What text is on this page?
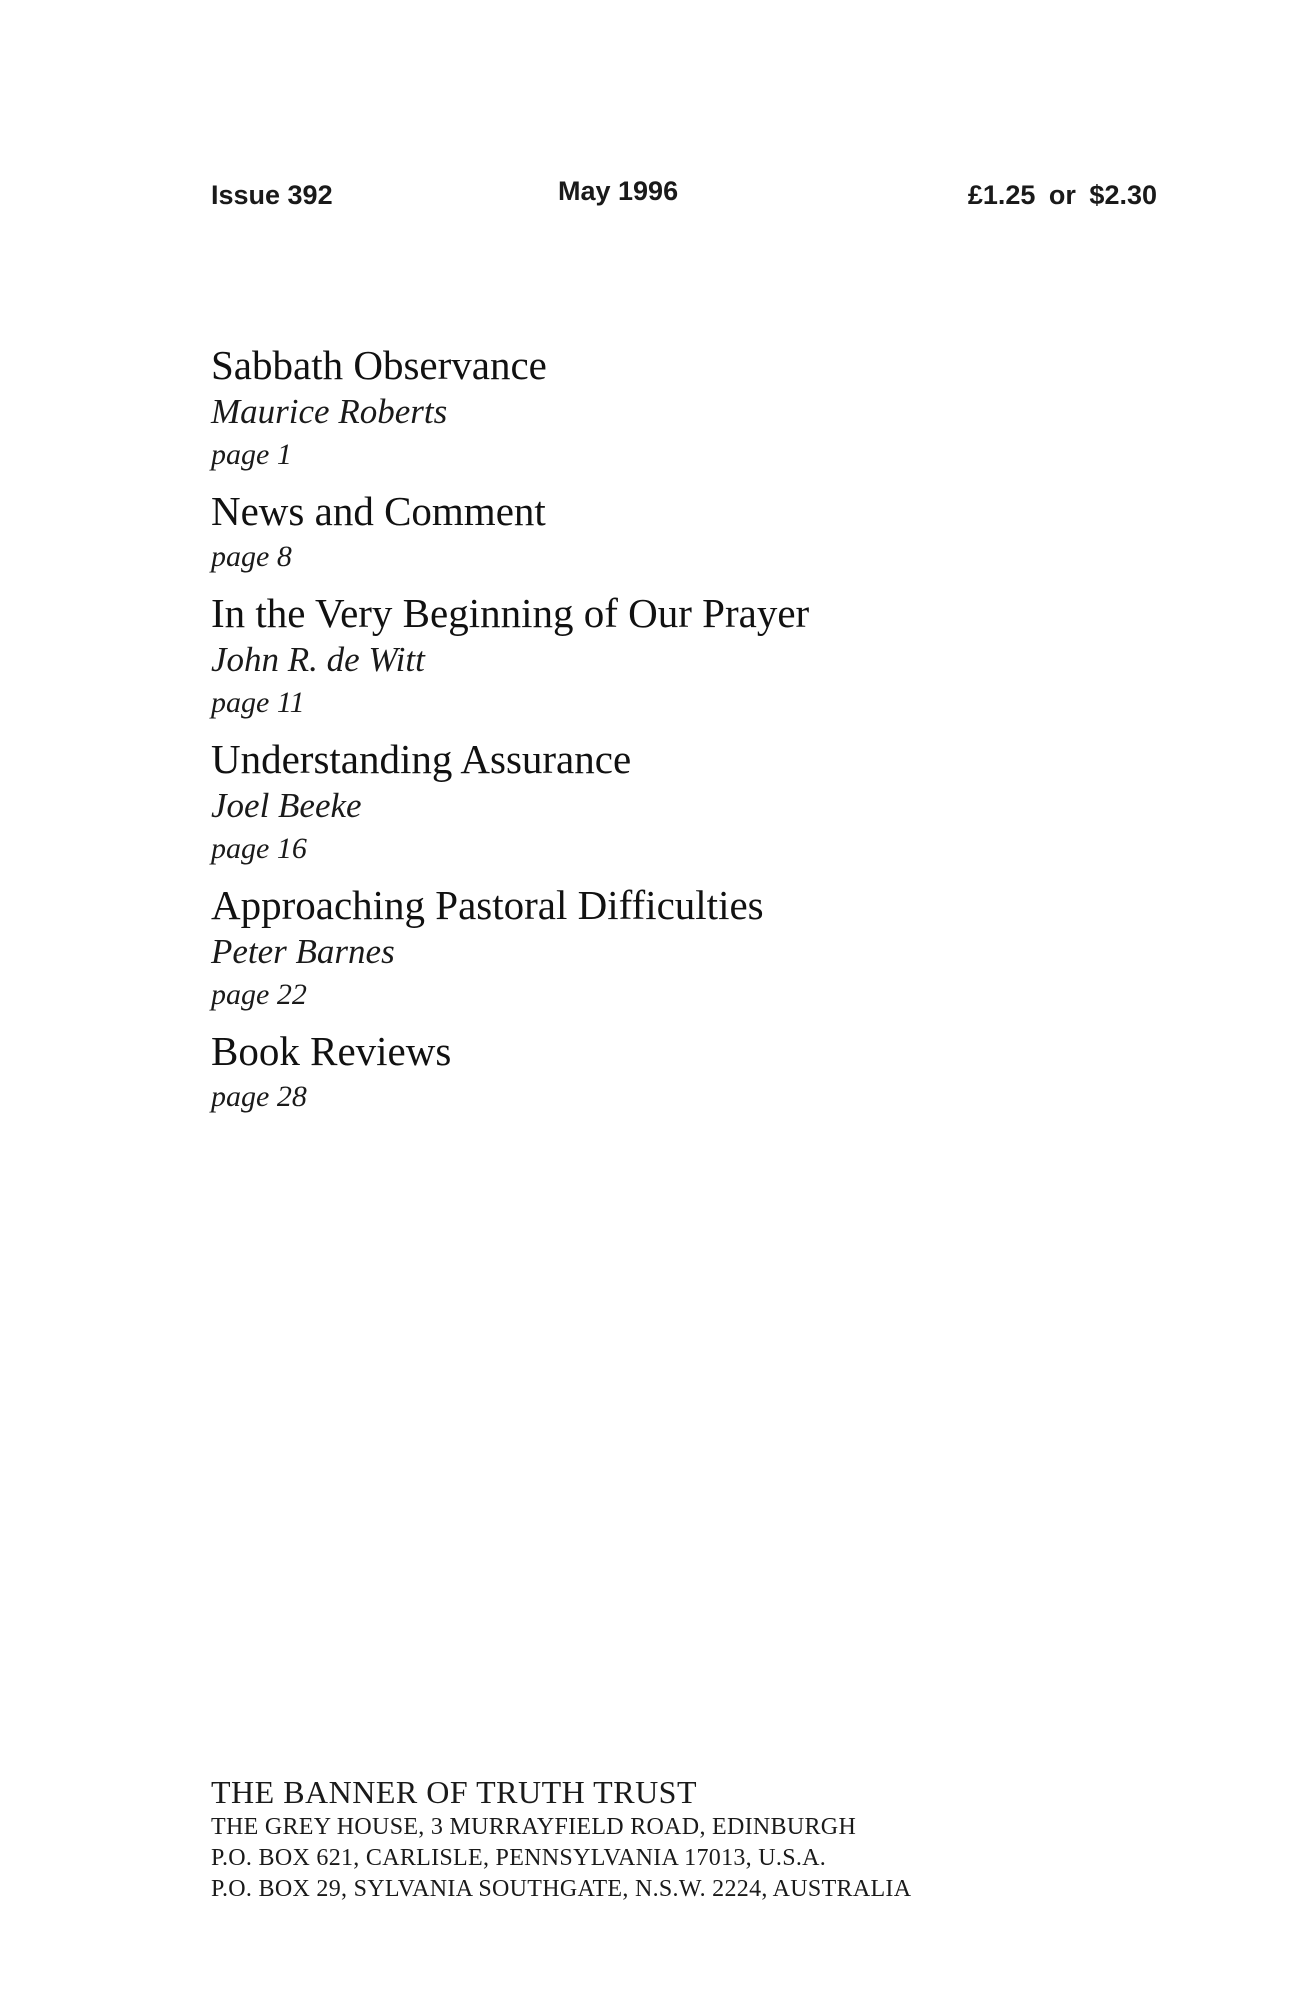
Issue 392	May 1996	£1.25 or $2.30
Sabbath Observance
Maurice Roberts
page 1
News and Comment
page 8
In the Very Beginning of Our Prayer
John R. de Witt
page 11
Understanding Assurance
Joel Beeke
page 16
Approaching Pastoral Difficulties
Peter Barnes
page 22
Book Reviews
page 28
THE BANNER OF TRUTH TRUST
THE GREY HOUSE, 3 MURRAYFIELD ROAD, EDINBURGH
P.O. BOX 621, CARLISLE, PENNSYLVANIA 17013, U.S.A.
P.O. BOX 29, SYLVANIA SOUTHGATE, N.S.W. 2224, AUSTRALIA
